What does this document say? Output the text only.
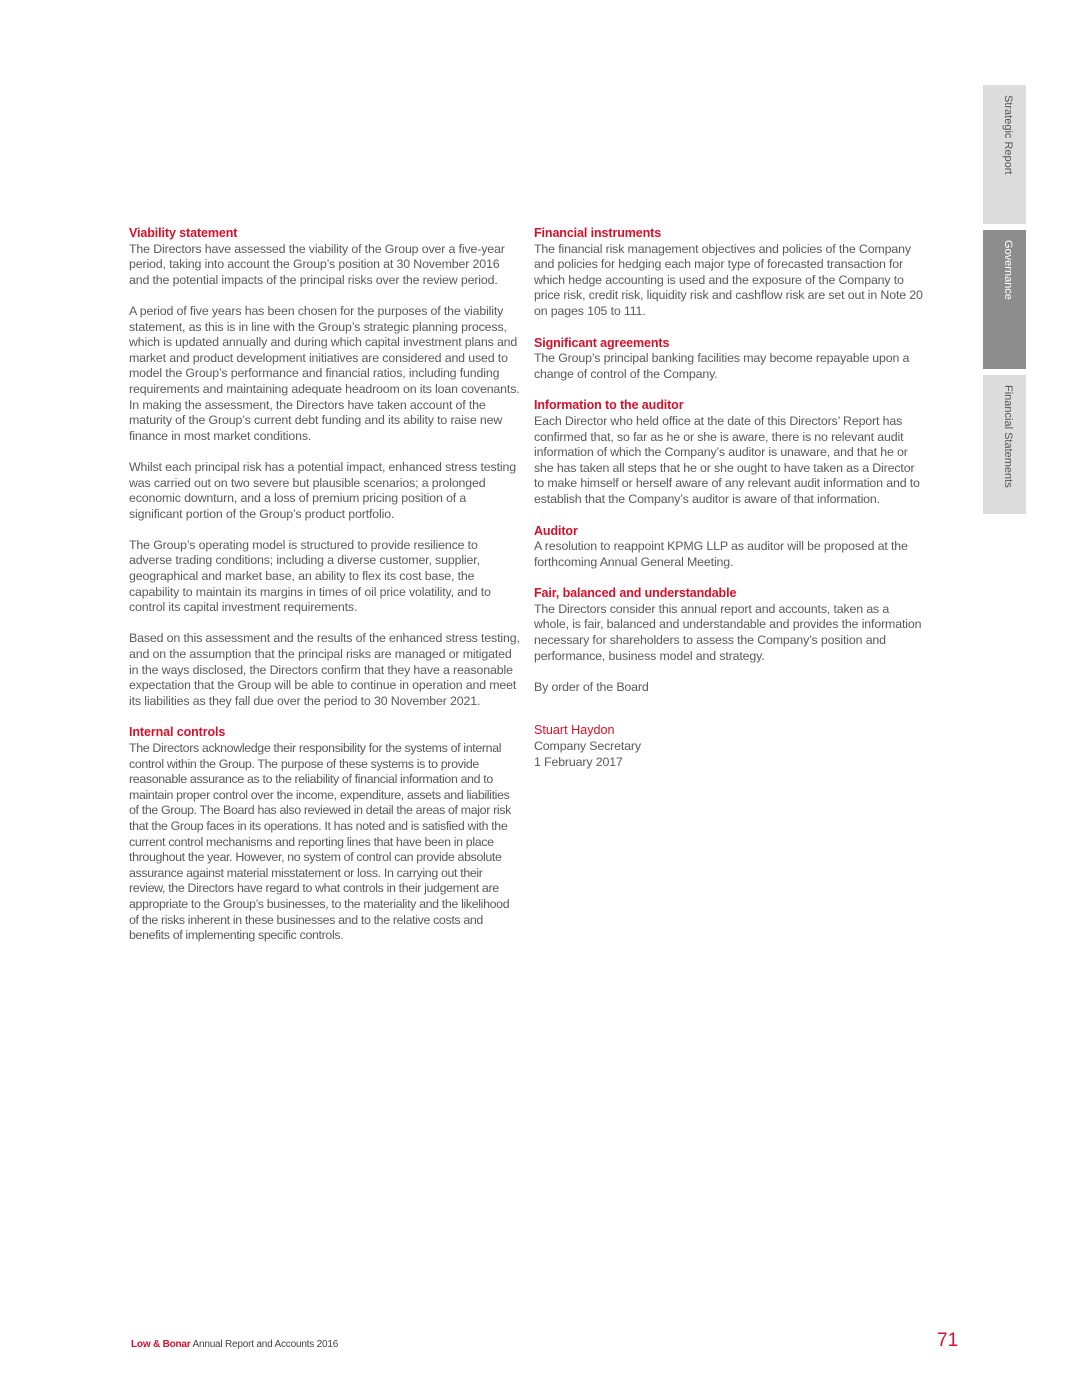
Viability statement

The Directors have assessed the viability of the Group over a five-year period, taking into account the Group’s position at 30 November 2016 and the potential impacts of the principal risks over the review period.

A period of five years has been chosen for the purposes of the viability statement, as this is in line with the Group’s strategic planning process, which is updated annually and during which capital investment plans and market and product development initiatives are considered and used to model the Group’s performance and financial ratios, including funding requirements and maintaining adequate headroom on its loan covenants. In making the assessment, the Directors have taken account of the maturity of the Group’s current debt funding and its ability to raise new finance in most market conditions.

Whilst each principal risk has a potential impact, enhanced stress testing was carried out on two severe but plausible scenarios; a prolonged economic downturn, and a loss of premium pricing position of a significant portion of the Group’s product portfolio.

The Group’s operating model is structured to provide resilience to adverse trading conditions; including a diverse customer, supplier, geographical and market base, an ability to flex its cost base, the capability to maintain its margins in times of oil price volatility, and to control its capital investment requirements.

Based on this assessment and the results of the enhanced stress testing, and on the assumption that the principal risks are managed or mitigated in the ways disclosed, the Directors confirm that they have a reasonable expectation that the Group will be able to continue in operation and meet its liabilities as they fall due over the period to 30 November 2021.

Internal controls

The Directors acknowledge their responsibility for the systems of internal control within the Group. The purpose of these systems is to provide reasonable assurance as to the reliability of financial information and to maintain proper control over the income, expenditure, assets and liabilities of the Group. The Board has also reviewed in detail the areas of major risk that the Group faces in its operations. It has noted and is satisfied with the current control mechanisms and reporting lines that have been in place throughout the year. However, no system of control can provide absolute assurance against material misstatement or loss. In carrying out their review, the Directors have regard to what controls in their judgement are appropriate to the Group’s businesses, to the materiality and the likelihood of the risks inherent in these businesses and to the relative costs and benefits of implementing specific controls.

Financial instruments

The financial risk management objectives and policies of the Company and policies for hedging each major type of forecasted transaction for which hedge accounting is used and the exposure of the Company to price risk, credit risk, liquidity risk and cashflow risk are set out in Note 20 on pages 105 to 111.

Significant agreements

The Group’s principal banking facilities may become repayable upon a change of control of the Company.

Information to the auditor

Each Director who held office at the date of this Directors’ Report has confirmed that, so far as he or she is aware, there is no relevant audit information of which the Company’s auditor is unaware, and that he or she has taken all steps that he or she ought to have taken as a Director to make himself or herself aware of any relevant audit information and to establish that the Company’s auditor is aware of that information.

Auditor

A resolution to reappoint KPMG LLP as auditor will be proposed at the forthcoming Annual General Meeting.

Fair, balanced and understandable

The Directors consider this annual report and accounts, taken as a whole, is fair, balanced and understandable and provides the information necessary for shareholders to assess the Company’s position and performance, business model and strategy.

By order of the Board

Stuart Haydon

Company Secretary

1 February 2017

Strategic Report
Governance
Financial Statements
Low & Bonar Annual Report and Accounts 2016	71
